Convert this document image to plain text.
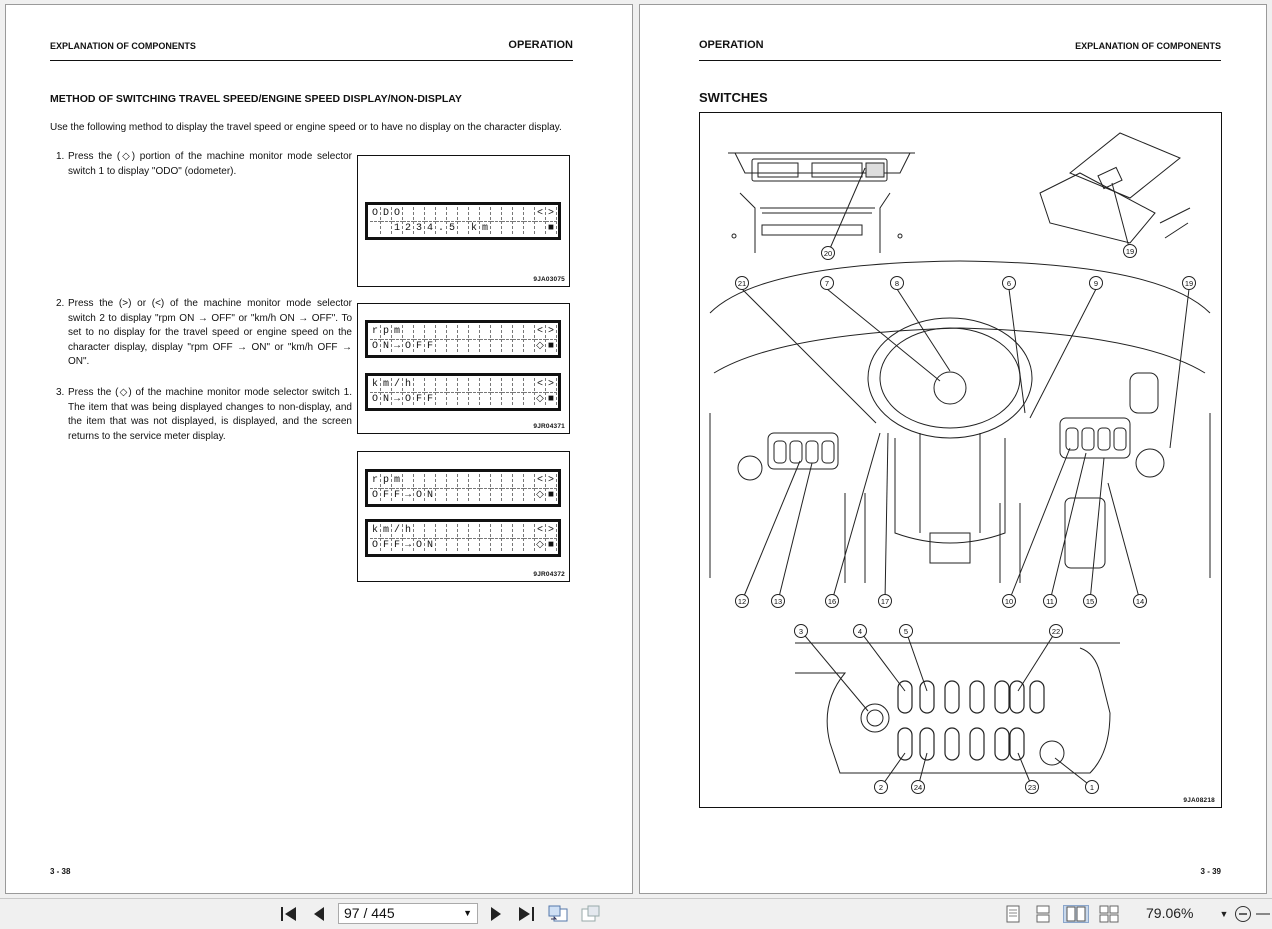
EXPLANATION OF COMPONENTS	OPERATION
METHOD OF SWITCHING TRAVEL SPEED/ENGINE SPEED DISPLAY/NON-DISPLAY
Use the following method to display the travel speed or engine speed or to have no display on the character display.
1. Press the (◇) portion of the machine monitor mode selector switch 1 to display "ODO" (odometer).
2. Press the (>) or (<) of the machine monitor mode selector switch 2 to display "rpm ON → OFF" or "km/h ON → OFF". To set to no display for the travel speed or engine speed on the character display, display "rpm OFF → ON" or "km/h OFF → ON".
3. Press the (◇) of the machine monitor mode selector switch 1. The item that was being displayed changes to non-display, and the item that was not displayed, is displayed, and the screen returns to the service meter display.
O D O	< >
1 2 3 4 . 5	k m	■
9JA03075
r p m	< >
O N → O F F	◇ ■
k m / h	< >
O N → O F F	◇ ■
9JR04371
r p m	< >
O F F → O N	◇ ■
k m / h	< >
O F F → O N	◇ ■
9JR04372
3 - 38
OPERATION	EXPLANATION OF COMPONENTS
SWITCHES
20	19
21	7	8	6	9	19
12	13	16	17	10	11	15	14
3	4	5	22
2	24	23	1
9JA08218
3 - 39
97 / 445	▼	79.06%	▼
